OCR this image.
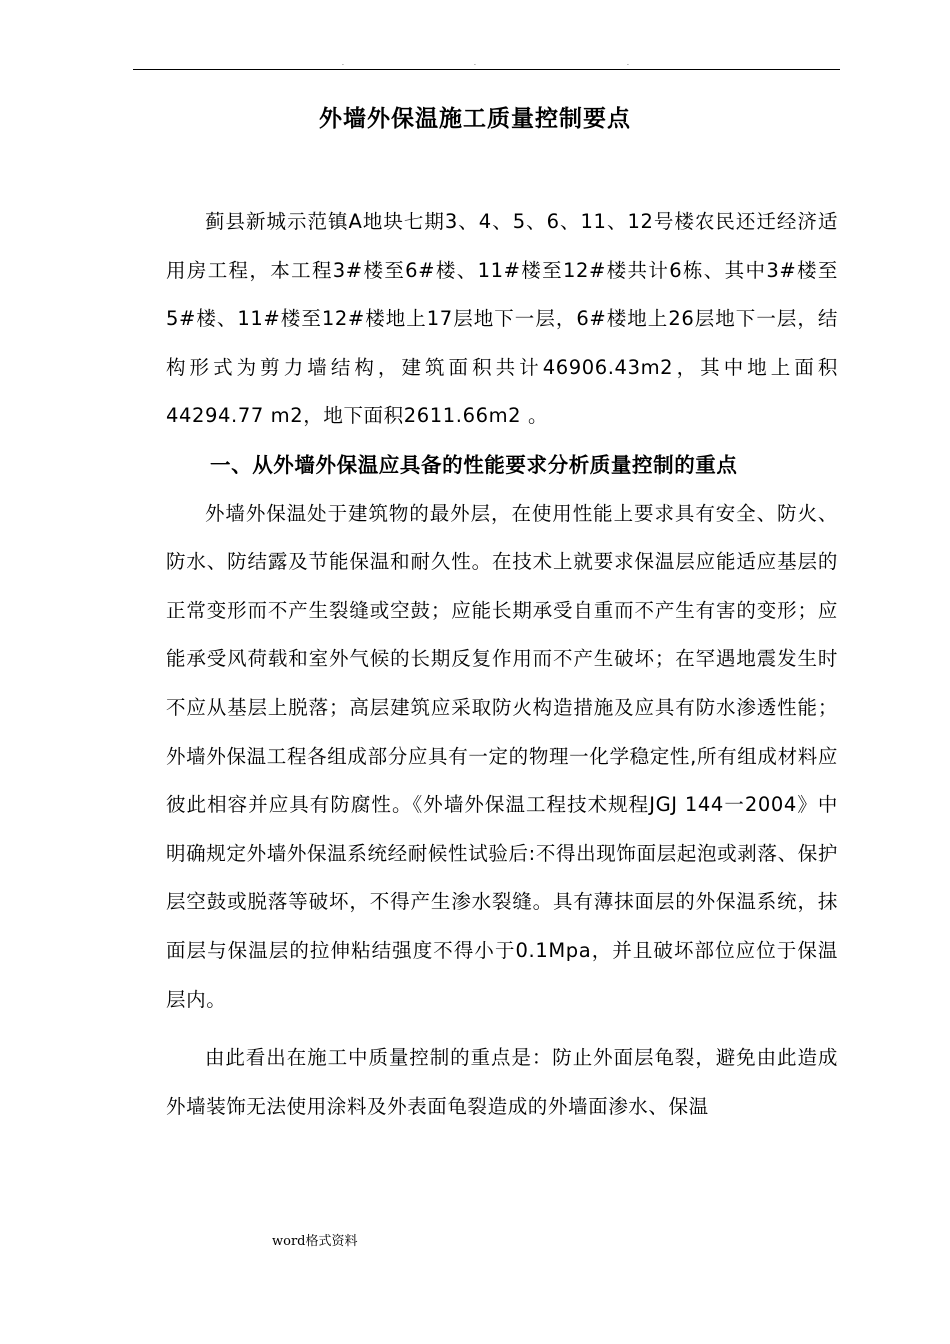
·	·	·
外墙外保温施工质量控制要点

蓟县新城示范镇A地块七期3、4、5、6、11、12号楼农民还迁经济适用房工程，本工程3#楼至6#楼、11#楼至12#楼共计6栋、其中3#楼至5#楼、11#楼至12#楼地上17层地下一层，6#楼地上26层地下一层，结构形式为剪力墙结构，建筑面积共计46906.43m2，其中地上面积 44294.77 m2，地下面积2611.66m2 。

一、从外墙外保温应具备的性能要求分析质量控制的重点

外墙外保温处于建筑物的最外层，在使用性能上要求具有安全、防火、防水、防结露及节能保温和耐久性。在技术上就要求保温层应能适应基层的正常变形而不产生裂缝或空鼓；应能长期承受自重而不产生有害的变形；应能承受风荷载和室外气候的长期反复作用而不产生破坏；在罕遇地震发生时不应从基层上脱落；高层建筑应采取防火构造措施及应具有防水渗透性能；外墙外保温工程各组成部分应具有一定的物理一化学稳定性,所有组成材料应彼此相容并应具有防腐性。《外墙外保温工程技术规程JGJ 144一2004》中明确规定外墙外保温系统经耐候性试验后:不得出现饰面层起泡或剥落、保护层空鼓或脱落等破坏，不得产生渗水裂缝。具有薄抹面层的外保温系统，抹面层与保温层的拉伸粘结强度不得小于0.1Mpa，并且破坏部位应位于保温层内。

由此看出在施工中质量控制的重点是：防止外面层龟裂，避免由此造成外墙装饰无法使用涂料及外表面龟裂造成的外墙面渗水、保温

word格式资料
